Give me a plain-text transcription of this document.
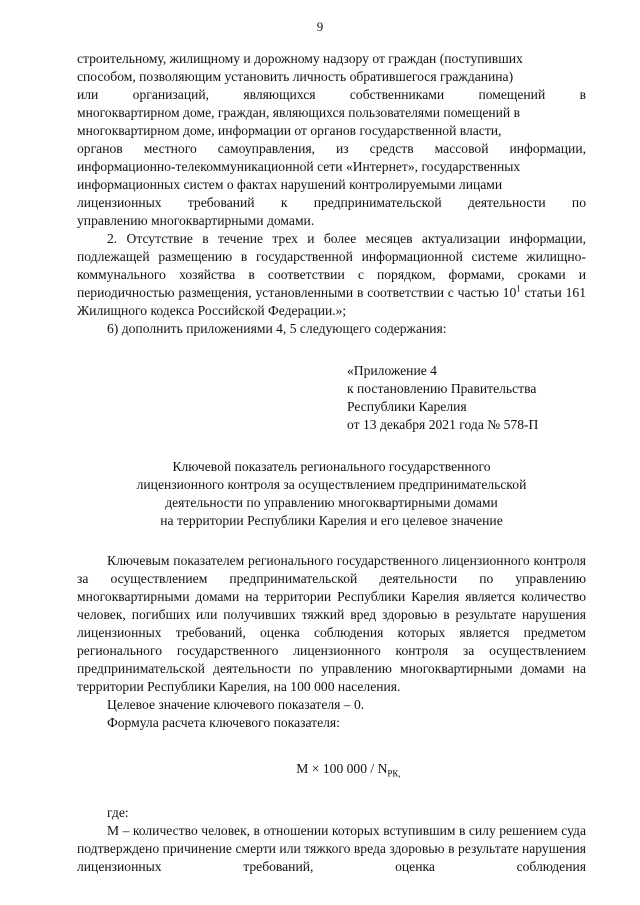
9
строительному, жилищному и дорожному надзору от граждан (поступивших
способом, позволяющим установить личность обратившегося гражданина)
или организаций, являющихся собственниками помещений в
многоквартирном доме, граждан, являющихся пользователями помещений в
многоквартирном доме, информации от органов государственной власти,
органов местного самоуправления, из средств массовой информации,
информационно-телекоммуникационной сети «Интернет», государственных
информационных систем о фактах нарушений контролируемыми лицами
лицензионных требований к предпринимательской деятельности по
управлению многоквартирными домами.

2. Отсутствие в течение трех и более месяцев актуализации информации, подлежащей размещению в государственной информационной системе жилищно-коммунального хозяйства в соответствии с порядком, формами, сроками и периодичностью размещения, установленными в соответствии с частью $10^1$ статьи 161 Жилищного кодекса Российской Федерации.»;

6) дополнить приложениями 4, 5 следующего содержания:

«Приложение 4
к постановлению Правительства
Республики Карелия
от 13 декабря 2021 года № 578-П
Ключевой показатель регионального государственного
лицензионного контроля за осуществлением предпринимательской
деятельности по управлению многоквартирными домами
на территории Республики Карелия и его целевое значение

Ключевым показателем регионального государственного лицензионного контроля за осуществлением предпринимательской деятельности по управлению многоквартирными домами на территории Республики Карелия является количество человек, погибших или получивших тяжкий вред здоровью в результате нарушения лицензионных требований, оценка соблюдения которых является предметом регионального государственного лицензионного контроля за осуществлением предпринимательской деятельности по управлению многоквартирными домами на территории Республики Карелия, на 100 000 населения.

Целевое значение ключевого показателя – 0.

Формула расчета ключевого показателя:

M × 100 $000 / N_{РК,}$

где:

М – количество человек, в отношении которых вступившим в силу решением суда подтверждено причинение смерти или тяжкого вреда здоровью в результате нарушения лицензионных требований, оценка соблюдения
